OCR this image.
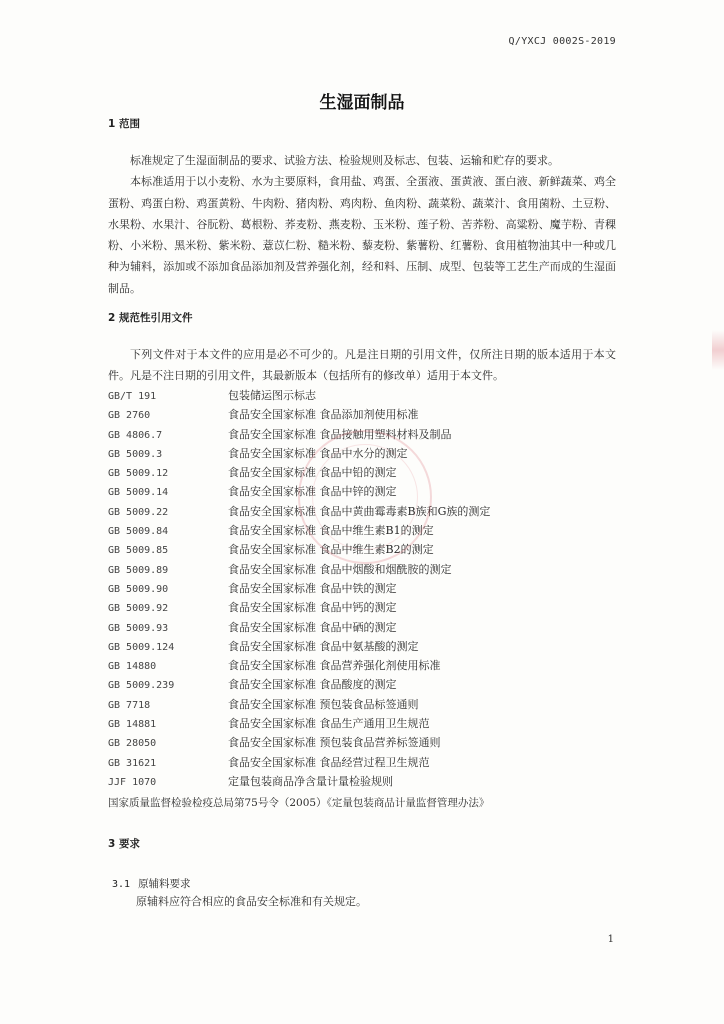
Q/YXCJ 0002S-2019
生湿面制品
1 范围

标准规定了生湿面制品的要求、试验方法、检验规则及标志、包装、运输和贮存的要求。

本标准适用于以小麦粉、水为主要原料，食用盐、鸡蛋、全蛋液、蛋黄液、蛋白液、新鲜蔬菜、鸡全蛋粉、鸡蛋白粉、鸡蛋黄粉、牛肉粉、猪肉粉、鸡肉粉、鱼肉粉、蔬菜粉、蔬菜汁、食用菌粉、土豆粉、水果粉、水果汁、谷朊粉、葛根粉、荞麦粉、燕麦粉、玉米粉、莲子粉、苦荞粉、高粱粉、魔芋粉、青稞粉、小米粉、黑米粉、紫米粉、薏苡仁粉、糙米粉、藜麦粉、紫薯粉、红薯粉、食用植物油其中一种或几种为辅料，添加或不添加食品添加剂及营养强化剂，经和料、压制、成型、包装等工艺生产而成的生湿面制品。

2 规范性引用文件

下列文件对于本文件的应用是必不可少的。凡是注日期的引用文件，仅所注日期的版本适用于本文件。凡是不注日期的引用文件，其最新版本（包括所有的修改单）适用于本文件。

GB/T 191	包装储运图示标志
GB 2760	食品安全国家标准 食品添加剂使用标准
GB 4806.7	食品安全国家标准 食品接触用塑料材料及制品
GB 5009.3	食品安全国家标准 食品中水分的测定
GB 5009.12	食品安全国家标准 食品中铅的测定
GB 5009.14	食品安全国家标准 食品中锌的测定
GB 5009.22	食品安全国家标准 食品中黄曲霉毒素B族和G族的测定
GB 5009.84	食品安全国家标准 食品中维生素B1的测定
GB 5009.85	食品安全国家标准 食品中维生素B2的测定
GB 5009.89	食品安全国家标准 食品中烟酸和烟酰胺的测定
GB 5009.90	食品安全国家标准 食品中铁的测定
GB 5009.92	食品安全国家标准 食品中钙的测定
GB 5009.93	食品安全国家标准 食品中硒的测定
GB 5009.124	食品安全国家标准 食品中氨基酸的测定
GB 14880	食品安全国家标准 食品营养强化剂使用标准
GB 5009.239	食品安全国家标准 食品酸度的测定
GB 7718	食品安全国家标准 预包装食品标签通则
GB 14881	食品安全国家标准 食品生产通用卫生规范
GB 28050	食品安全国家标准 预包装食品营养标签通则
GB 31621	食品安全国家标准 食品经营过程卫生规范
JJF 1070	定量包装商品净含量计量检验规则
国家质量监督检验检疫总局第75号令（2005）《定量包装商品计量监督管理办法》
3 要求
3.1 原辅料要求
原辅料应符合相应的食品安全标准和有关规定。
1
